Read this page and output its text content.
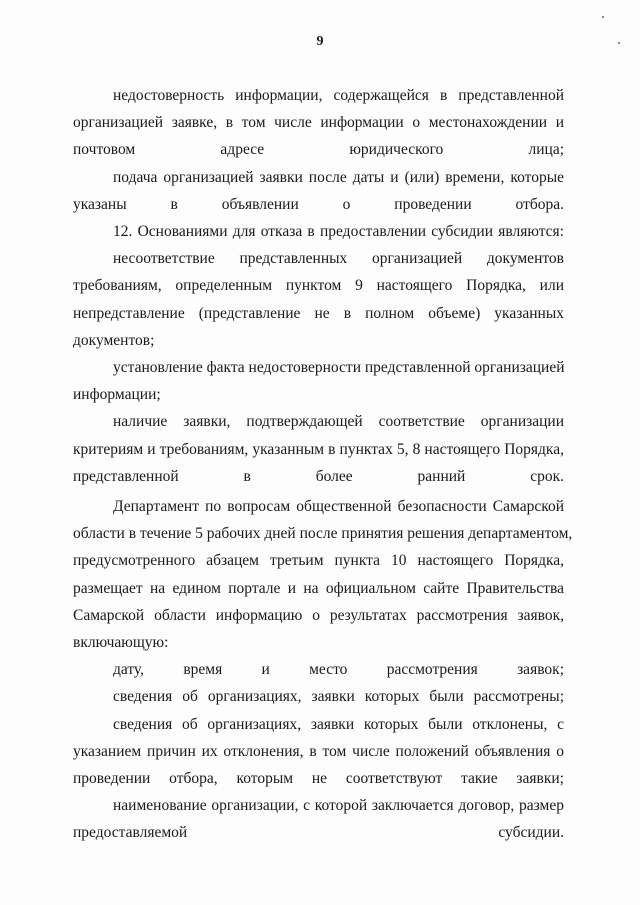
9

недостоверность информации, содержащейся в представленной
организацией заявке, в том числе информации о местонахождении и
почтовом адресе юридического лица;

подача организацией заявки после даты и (или) времени, которые
указаны в объявлении о проведении отбора.

12. Основаниями для отказа в предоставлении субсидии являются:

несоответствие представленных организацией документов
требованиям, определенным пунктом 9 настоящего Порядка, или
непредставление (представление не в полном объеме) указанных
документов;

установление факта недостоверности представленной организацией
информации;

наличие заявки, подтверждающей соответствие организации
критериям и требованиям, указанным в пунктах 5, 8 настоящего Порядка,
представленной в более ранний срок.

Департамент по вопросам общественной безопасности Самарской
области в течение 5 рабочих дней после принятия решения департаментом,
предусмотренного абзацем третьим пункта 10 настоящего Порядка,
размещает на едином портале и на официальном сайте Правительства
Самарской области информацию о результатах рассмотрения заявок,
включающую:

дату, время и место рассмотрения заявок;

сведения об организациях, заявки которых были рассмотрены;

сведения об организациях, заявки которых были отклонены, с
указанием причин их отклонения, в том числе положений объявления о
проведении отбора, которым не соответствуют такие заявки;

наименование организации, с которой заключается договор, размер
предоставляемой субсидии.
